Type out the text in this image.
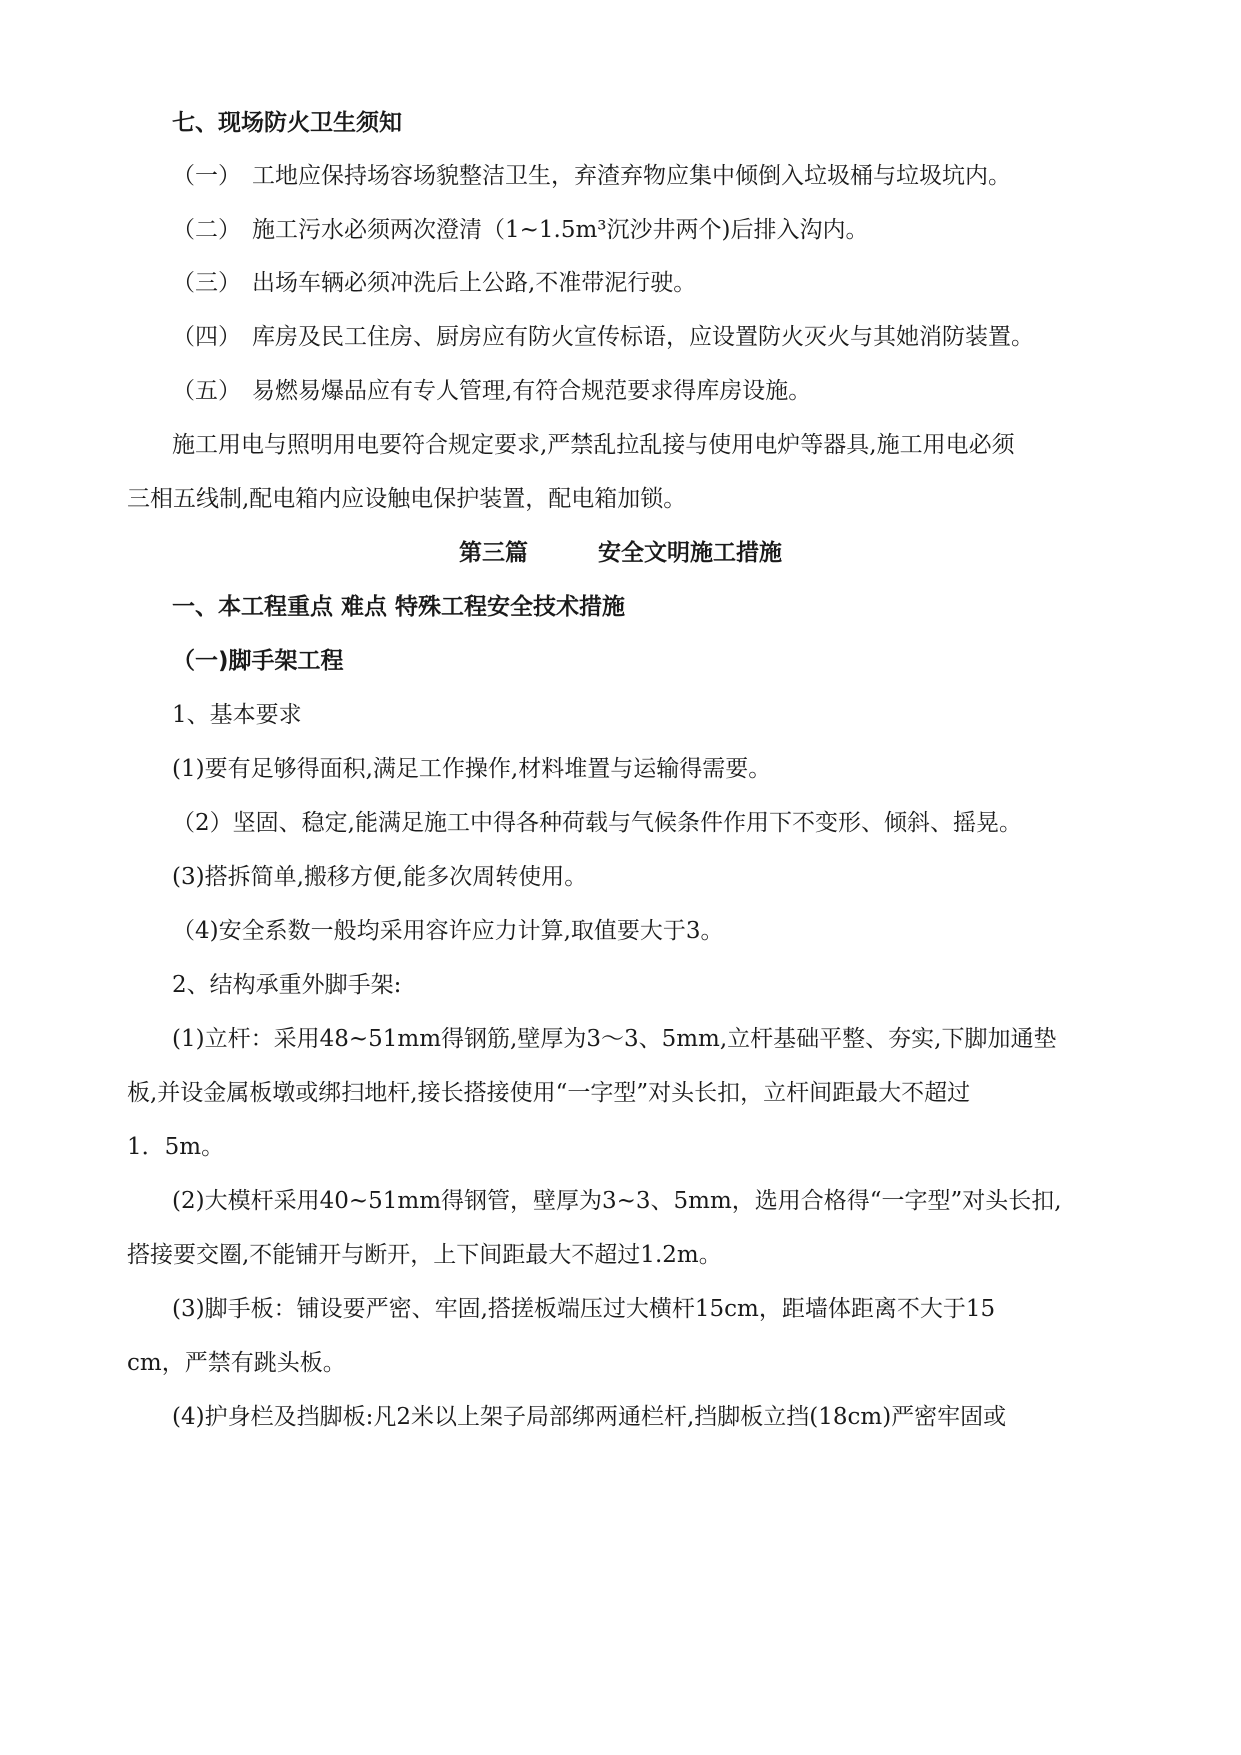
七、现场防火卫生须知
（一） 工地应保持场容场貌整洁卫生，弃渣弃物应集中倾倒入垃圾桶与垃圾坑内。
（二） 施工污水必须两次澄清（1~1.5m³沉沙井两个)后排入沟内。
（三） 出场车辆必须冲洗后上公路,不准带泥行驶。
（四） 库房及民工住房、厨房应有防火宣传标语，应设置防火灭火与其她消防装置。
（五） 易燃易爆品应有专人管理,有符合规范要求得库房设施。
施工用电与照明用电要符合规定要求,严禁乱拉乱接与使用电炉等器具,施工用电必须
三相五线制,配电箱内应设触电保护装置，配电箱加锁。
第三篇	安全文明施工措施
一、本工程重点 难点 特殊工程安全技术措施
（一)脚手架工程
1、基本要求
(1)要有足够得面积,满足工作操作,材料堆置与运输得需要。
（2）坚固、稳定,能满足施工中得各种荷载与气候条件作用下不变形、倾斜、摇晃。
(3)搭拆简单,搬移方便,能多次周转使用。
（4)安全系数一般均采用容许应力计算,取值要大于3。
2、结构承重外脚手架:
(1)立杆：采用48~51mm得钢筋,壁厚为3～3、5mm,立杆基础平整、夯实,下脚加通垫
板,并设金属板墩或绑扫地杆,接长搭接使用“一字型”对头长扣，立杆间距最大不超过
1．5m。
(2)大模杆采用40~51mm得钢管，壁厚为3~3、5mm，选用合格得“一字型”对头长扣,
搭接要交圈,不能铺开与断开，上下间距最大不超过1.2m。
(3)脚手板：铺设要严密、牢固,搭搓板端压过大横杆15cm，距墙体距离不大于15
cm，严禁有跳头板。
(4)护身栏及挡脚板:凡2米以上架子局部绑两通栏杆,挡脚板立挡(18cm)严密牢固或
